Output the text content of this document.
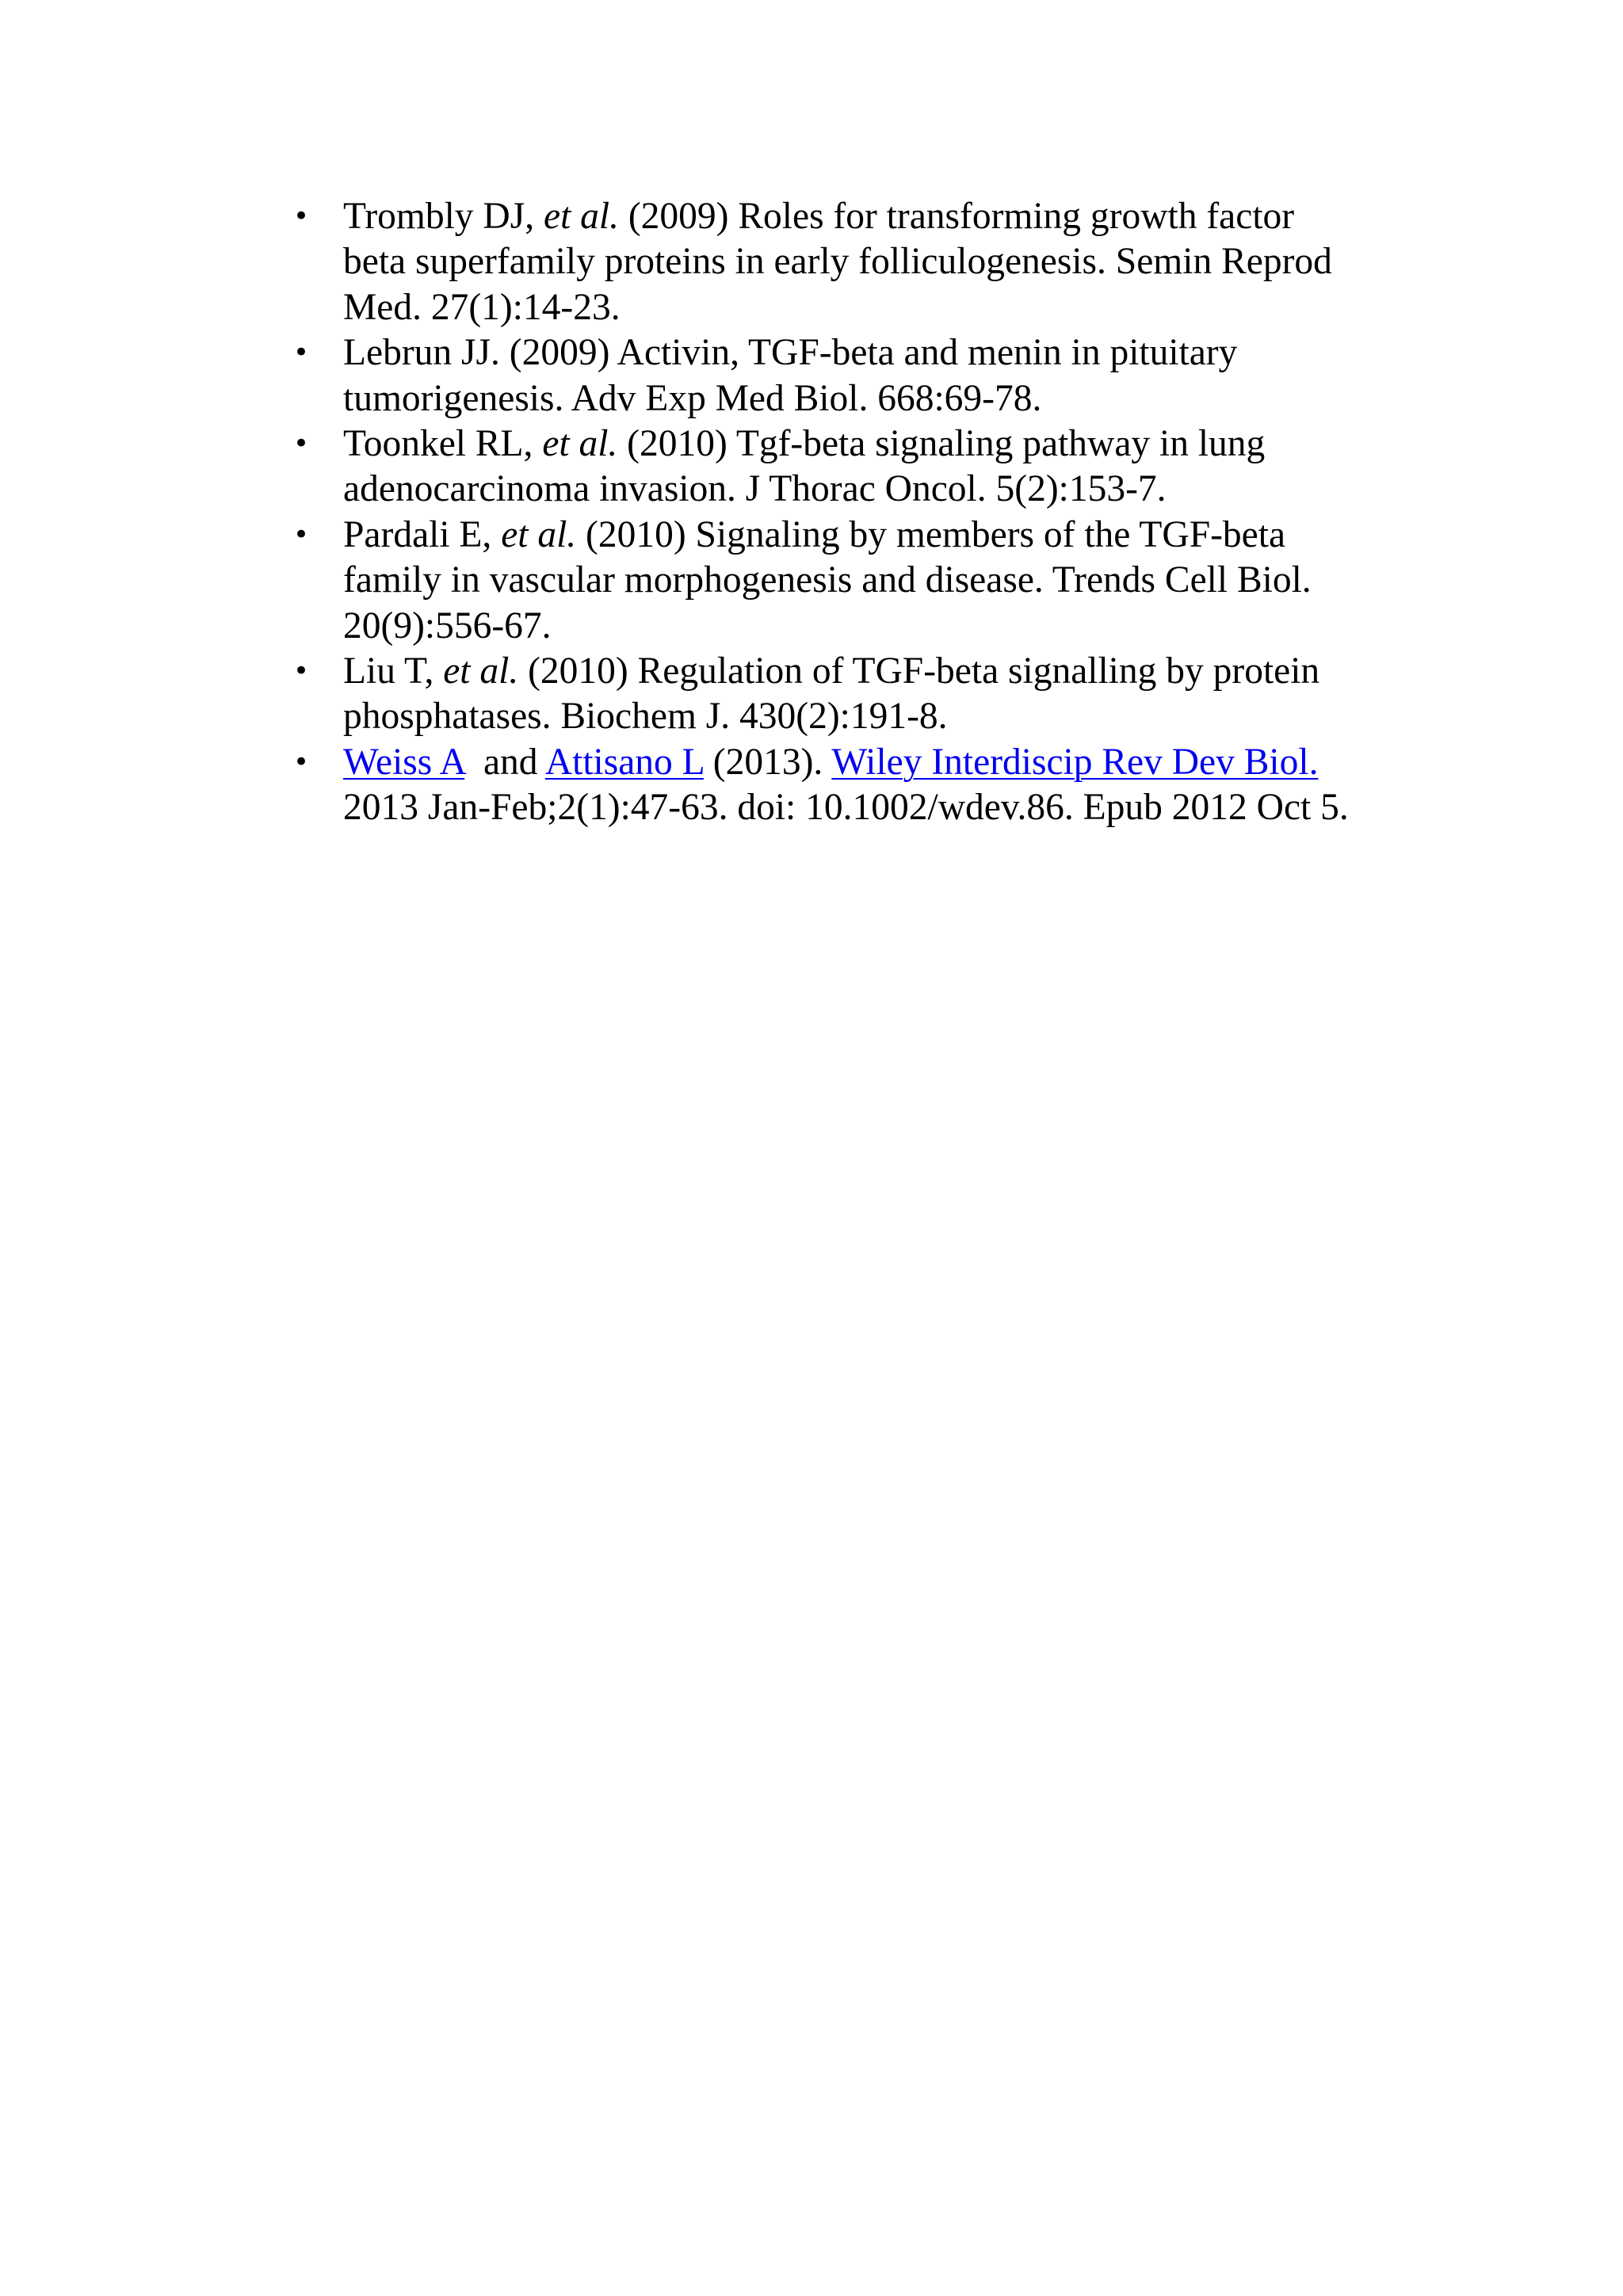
• Trombly DJ, et al. (2009) Roles for transforming growth factor
beta superfamily proteins in early folliculogenesis. Semin Reprod
Med. 27(1):14-23.
• Lebrun JJ. (2009) Activin, TGF-beta and menin in pituitary
tumorigenesis. Adv Exp Med Biol. 668:69-78.
• Toonkel RL, et al. (2010) Tgf-beta signaling pathway in lung
adenocarcinoma invasion. J Thorac Oncol. 5(2):153-7.
• Pardali E, et al. (2010) Signaling by members of the TGF-beta
family in vascular morphogenesis and disease. Trends Cell Biol.
20(9):556-67.
• Liu T, et al. (2010) Regulation of TGF-beta signalling by protein
phosphatases. Biochem J. 430(2):191-8.
• Weiss A  and Attisano L (2013). Wiley Interdiscip Rev Dev Biol.
2013 Jan-Feb;2(1):47-63. doi: 10.1002/wdev.86. Epub 2012 Oct 5.
